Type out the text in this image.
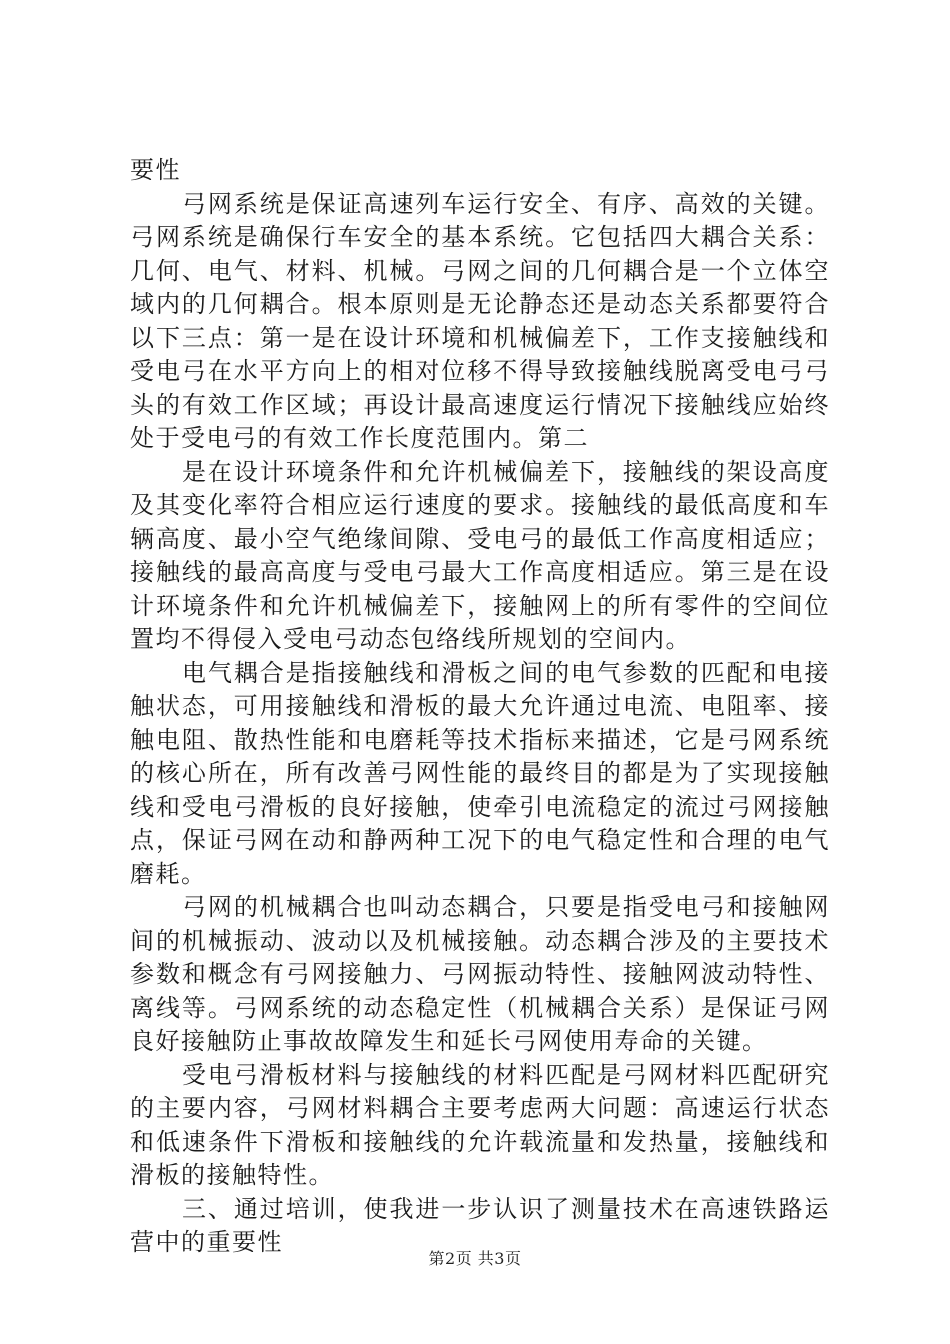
要性

弓网系统是保证高速列车运行安全、有序、高效的关键。弓网系统是确保行车安全的基本系统。它包括四大耦合关系：几何、电气、材料、机械。弓网之间的几何耦合是一个立体空域内的几何耦合。根本原则是无论静态还是动态关系都要符合以下三点：第一是在设计环境和机械偏差下，工作支接触线和受电弓在水平方向上的相对位移不得导致接触线脱离受电弓弓头的有效工作区域；再设计最高速度运行情况下接触线应始终处于受电弓的有效工作长度范围内。第二

是在设计环境条件和允许机械偏差下，接触线的架设高度及其变化率符合相应运行速度的要求。接触线的最低高度和车辆高度、最小空气绝缘间隙、受电弓的最低工作高度相适应；接触线的最高高度与受电弓最大工作高度相适应。第三是在设计环境条件和允许机械偏差下，接触网上的所有零件的空间位置均不得侵入受电弓动态包络线所规划的空间内。

电气耦合是指接触线和滑板之间的电气参数的匹配和电接触状态，可用接触线和滑板的最大允许通过电流、电阻率、接触电阻、散热性能和电磨耗等技术指标来描述，它是弓网系统的核心所在，所有改善弓网性能的最终目的都是为了实现接触线和受电弓滑板的良好接触，使牵引电流稳定的流过弓网接触点，保证弓网在动和静两种工况下的电气稳定性和合理的电气磨耗。

弓网的机械耦合也叫动态耦合，只要是指受电弓和接触网间的机械振动、波动以及机械接触。动态耦合涉及的主要技术参数和概念有弓网接触力、弓网振动特性、接触网波动特性、离线等。弓网系统的动态稳定性（机械耦合关系）是保证弓网良好接触防止事故故障发生和延长弓网使用寿命的关键。

受电弓滑板材料与接触线的材料匹配是弓网材料匹配研究的主要内容，弓网材料耦合主要考虑两大问题：高速运行状态和低速条件下滑板和接触线的允许载流量和发热量，接触线和滑板的接触特性。

三、通过培训，使我进一步认识了测量技术在高速铁路运营中的重要性

第2页 共3页
